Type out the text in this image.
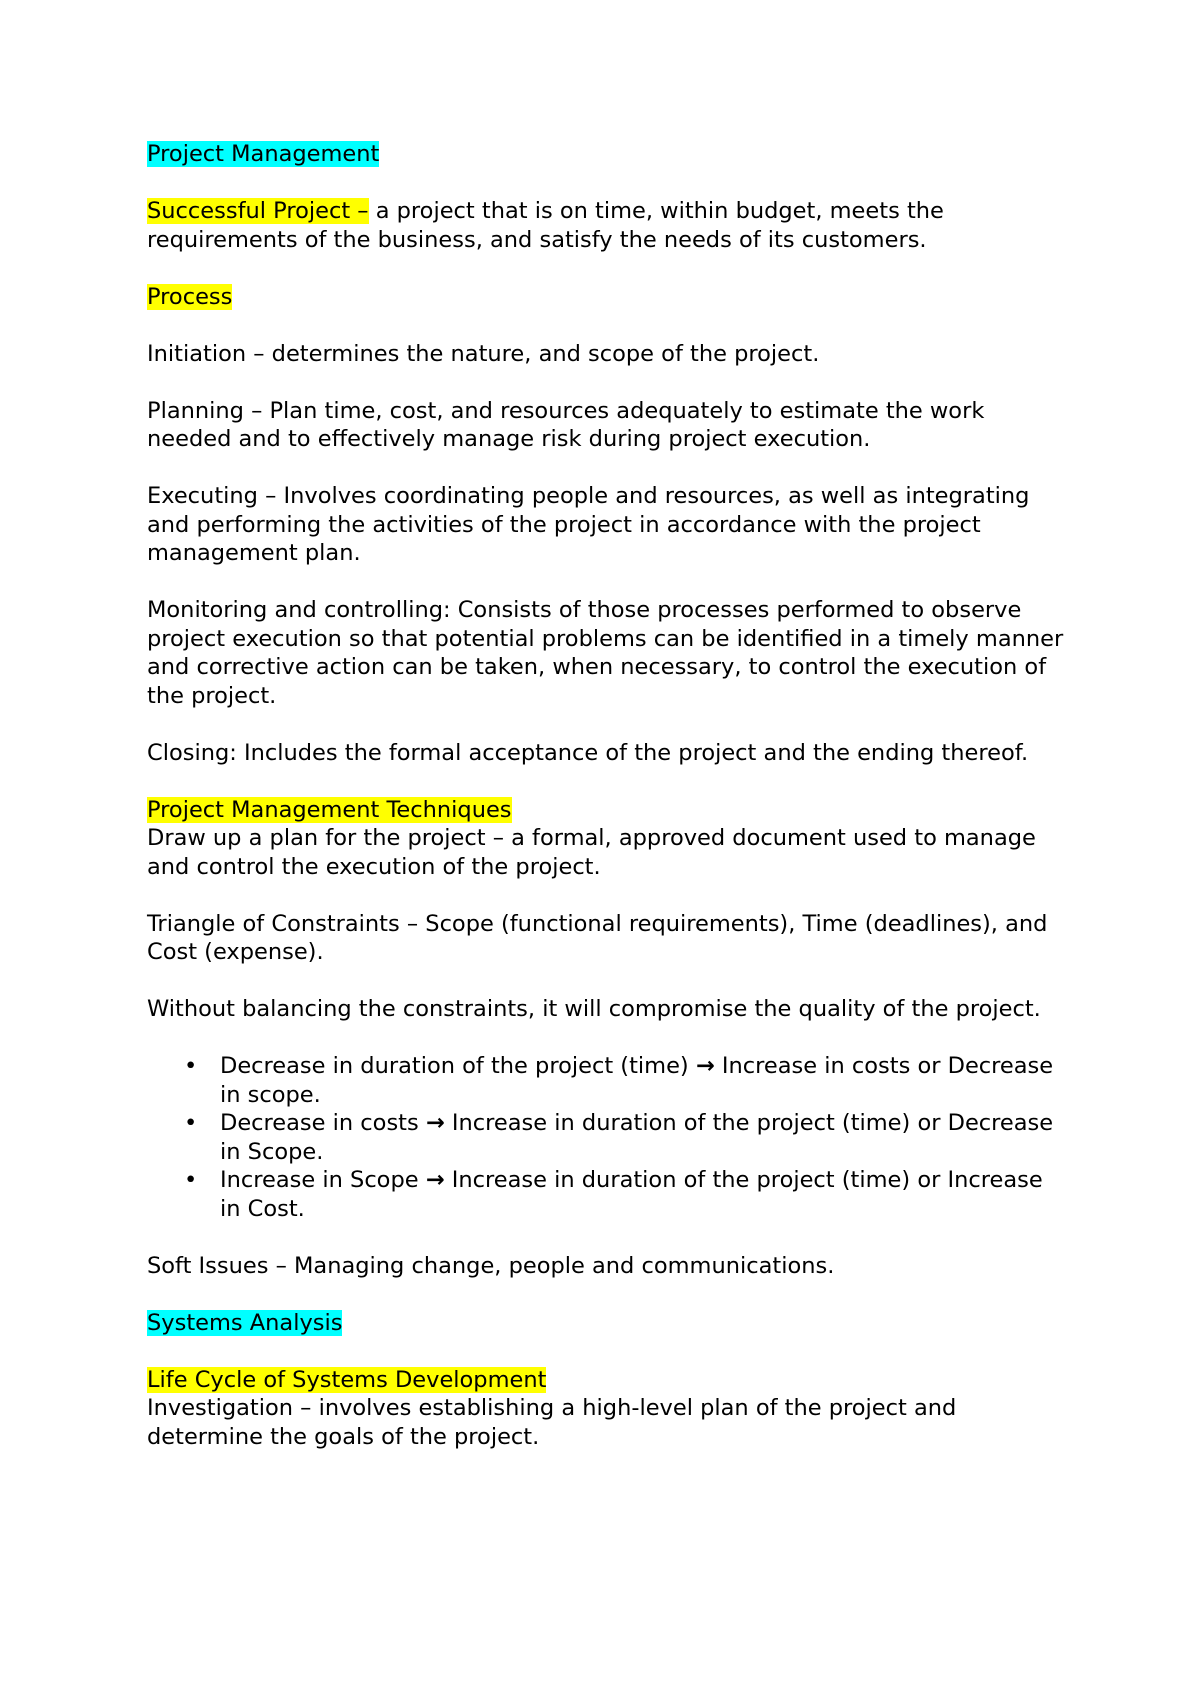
Project Management

Successful Project – a project that is on time, within budget, meets the requirements of the business, and satisfy the needs of its customers.

Process

Initiation – determines the nature, and scope of the project.

Planning – Plan time, cost, and resources adequately to estimate the work needed and to effectively manage risk during project execution.

Executing – Involves coordinating people and resources, as well as integrating and performing the activities of the project in accordance with the project management plan.

Monitoring and controlling: Consists of those processes performed to observe project execution so that potential problems can be identified in a timely manner and corrective action can be taken, when necessary, to control the execution of the project.

Closing: Includes the formal acceptance of the project and the ending thereof.

Project Management Techniques

Draw up a plan for the project – a formal, approved document used to manage and control the execution of the project.

Triangle of Constraints – Scope (functional requirements), Time (deadlines), and Cost (expense).

Without balancing the constraints, it will compromise the quality of the project.

• Decrease in duration of the project (time) → Increase in costs or Decrease in scope.
• Decrease in costs → Increase in duration of the project (time) or Decrease in Scope.
• Increase in Scope → Increase in duration of the project (time) or Increase in Cost.

Soft Issues – Managing change, people and communications.

Systems Analysis

Life Cycle of Systems Development

Investigation – involves establishing a high-level plan of the project and determine the goals of the project.
